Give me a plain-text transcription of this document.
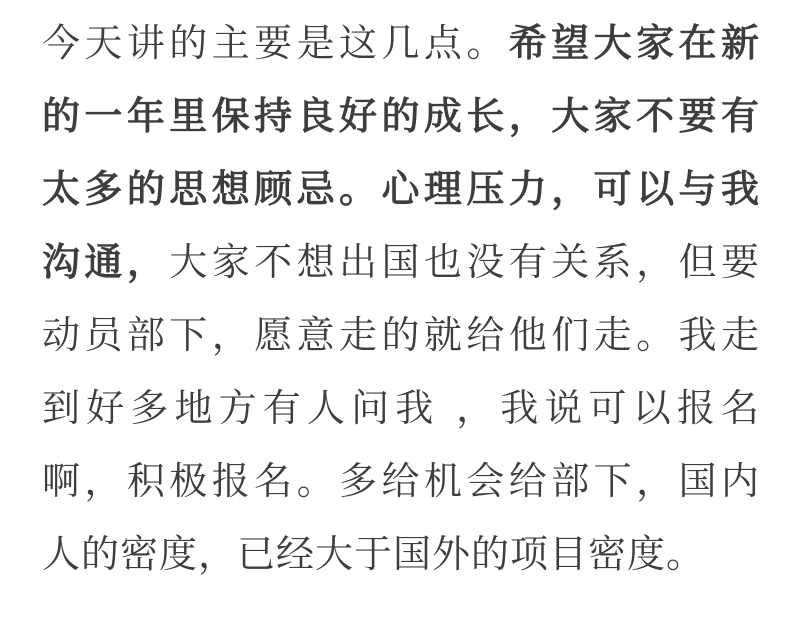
今天讲的主要是这几点。希望大家在新
的一年里保持良好的成长，大家不要有
太多的思想顾忌。心理压力，可以与我
沟通，大家不想出国也没有关系，但要
动员部下，愿意走的就给他们走。我走
到好多地方有人问我 ，我说可以报名
啊，积极报名。多给机会给部下，国内
人的密度，已经大于国外的项目密度。
